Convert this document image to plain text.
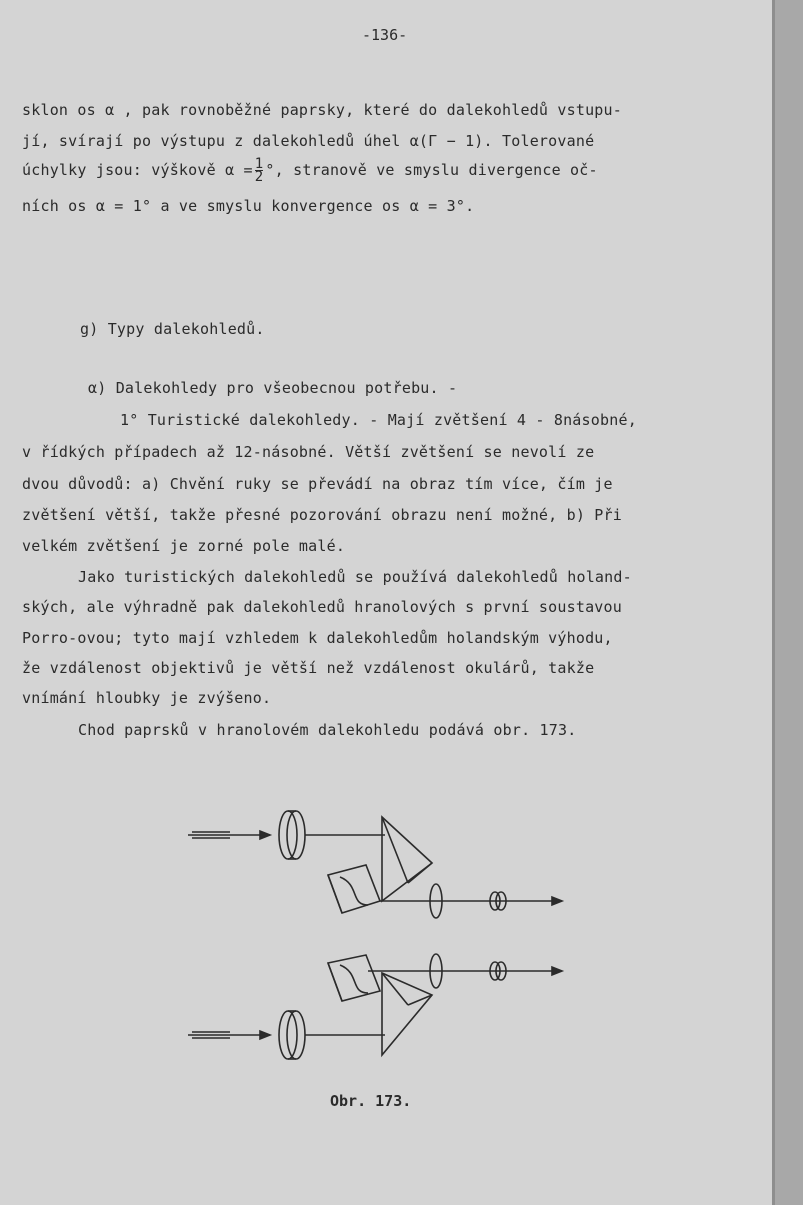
-136-
sklon os α , pak rovnoběžné paprsky, které do dalekohledů vstupu-
jí, svírají po výstupu z dalekohledů úhel α(Γ − 1). Tolerované
úchylky jsou: výškově $\alpha = \frac{1}{2}$ °, stranově ve smyslu divergence oč-
ních os α = 1° a ve smyslu konvergence os α = 3°.
g) Typy dalekohledů.
α) Dalekohledy pro všeobecnou potřebu. -
1° Turistické dalekohledy. - Mají zvětšení 4 - 8násobné,
v řídkých případech až 12-násobné. Větší zvětšení se nevolí ze
dvou důvodů: a) Chvění ruky se převádí na obraz tím více, čím je
zvětšení větší, takže přesné pozorování obrazu není možné, b) Při
velkém zvětšení je zorné pole malé.
Jako turistických dalekohledů se používá dalekohledů holand-
ských, ale výhradně pak dalekohledů hranolových s první soustavou
Porro-ovou; tyto mají vzhledem k dalekohledům holandským výhodu,
že vzdálenost objektivů je větší než vzdálenost okulárů, takže
vnímání hloubky je zvýšeno.
Chod paprsků v hranolovém dalekohledu podává obr. 173.
Obr. 173.
